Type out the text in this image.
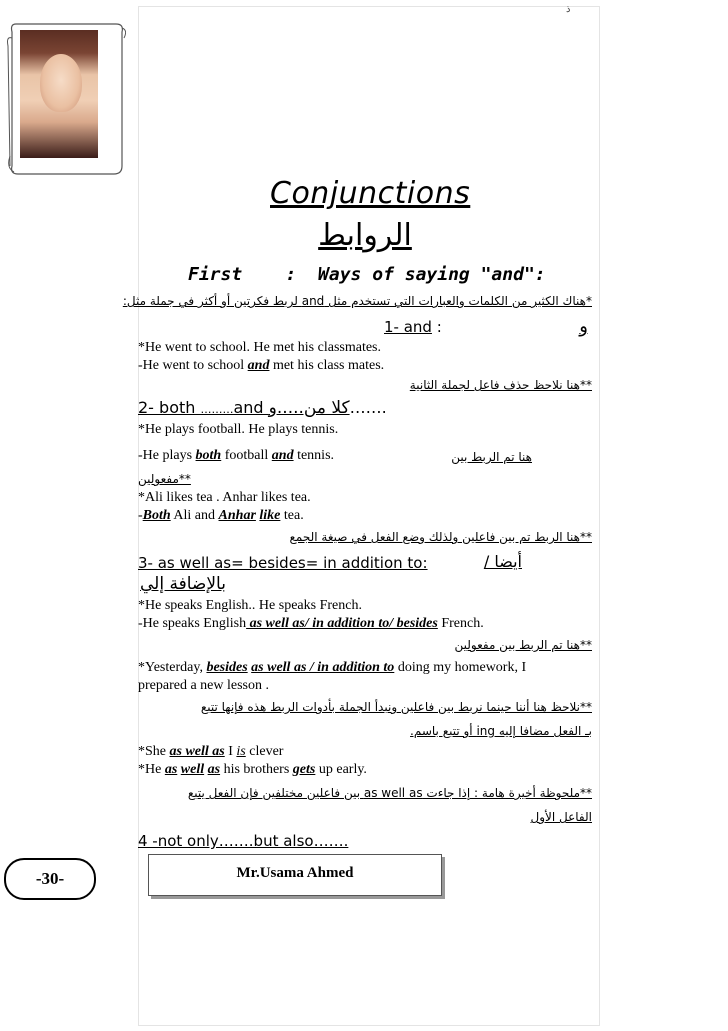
ذ
Conjunctions
الروابط
First    :  Ways of saying "and":
*هناك الكثير من الكلمات والعبارات التي تستخدم مثل and لربط فكرتين أو أكثر في جملة مثل:
1- and :	و
*He went to school. He met his classmates.
-He went to school and met his class mates.
**هنا نلاحظ حذف فاعل لجملة الثانية
2- both ………and كلا من.....و…….
*He plays football. He plays tennis.
-He plays both football and tennis.	هنا تم الربط بين
**مفعولين
*Ali likes tea . Anhar likes tea.
-Both Ali and Anhar like tea.
**هنا الربط تم بين فاعلين ولذلك وضع الفعل في صيغة الجمع
3- as well as= besides= in addition to:	أيضا /
بالإضافة إلي
*He speaks English.. He speaks French.
-He speaks English as well as/ in addition to/ besides French.
**هنا تم الربط بين مفعولين
*Yesterday, besides as well as / in addition to doing my homework, I
prepared a new lesson .
**نلاحظ هنا أننا حينما نربط بين فاعلين ونبدأ الجملة بأدوات الربط هذه فإنها تتبع
بـ الفعل مضافا إليه ing أو تتبع باسم.
*She as well as I is clever
*He as well as his brothers gets up early.
**ملحوظة أخيرة هامة : إذا جاءت as well as بين فاعلين مختلفين فإن الفعل يتبع
الفاعل الأول
4 -not only…….but also…….
-30-	Mr.Usama Ahmed
